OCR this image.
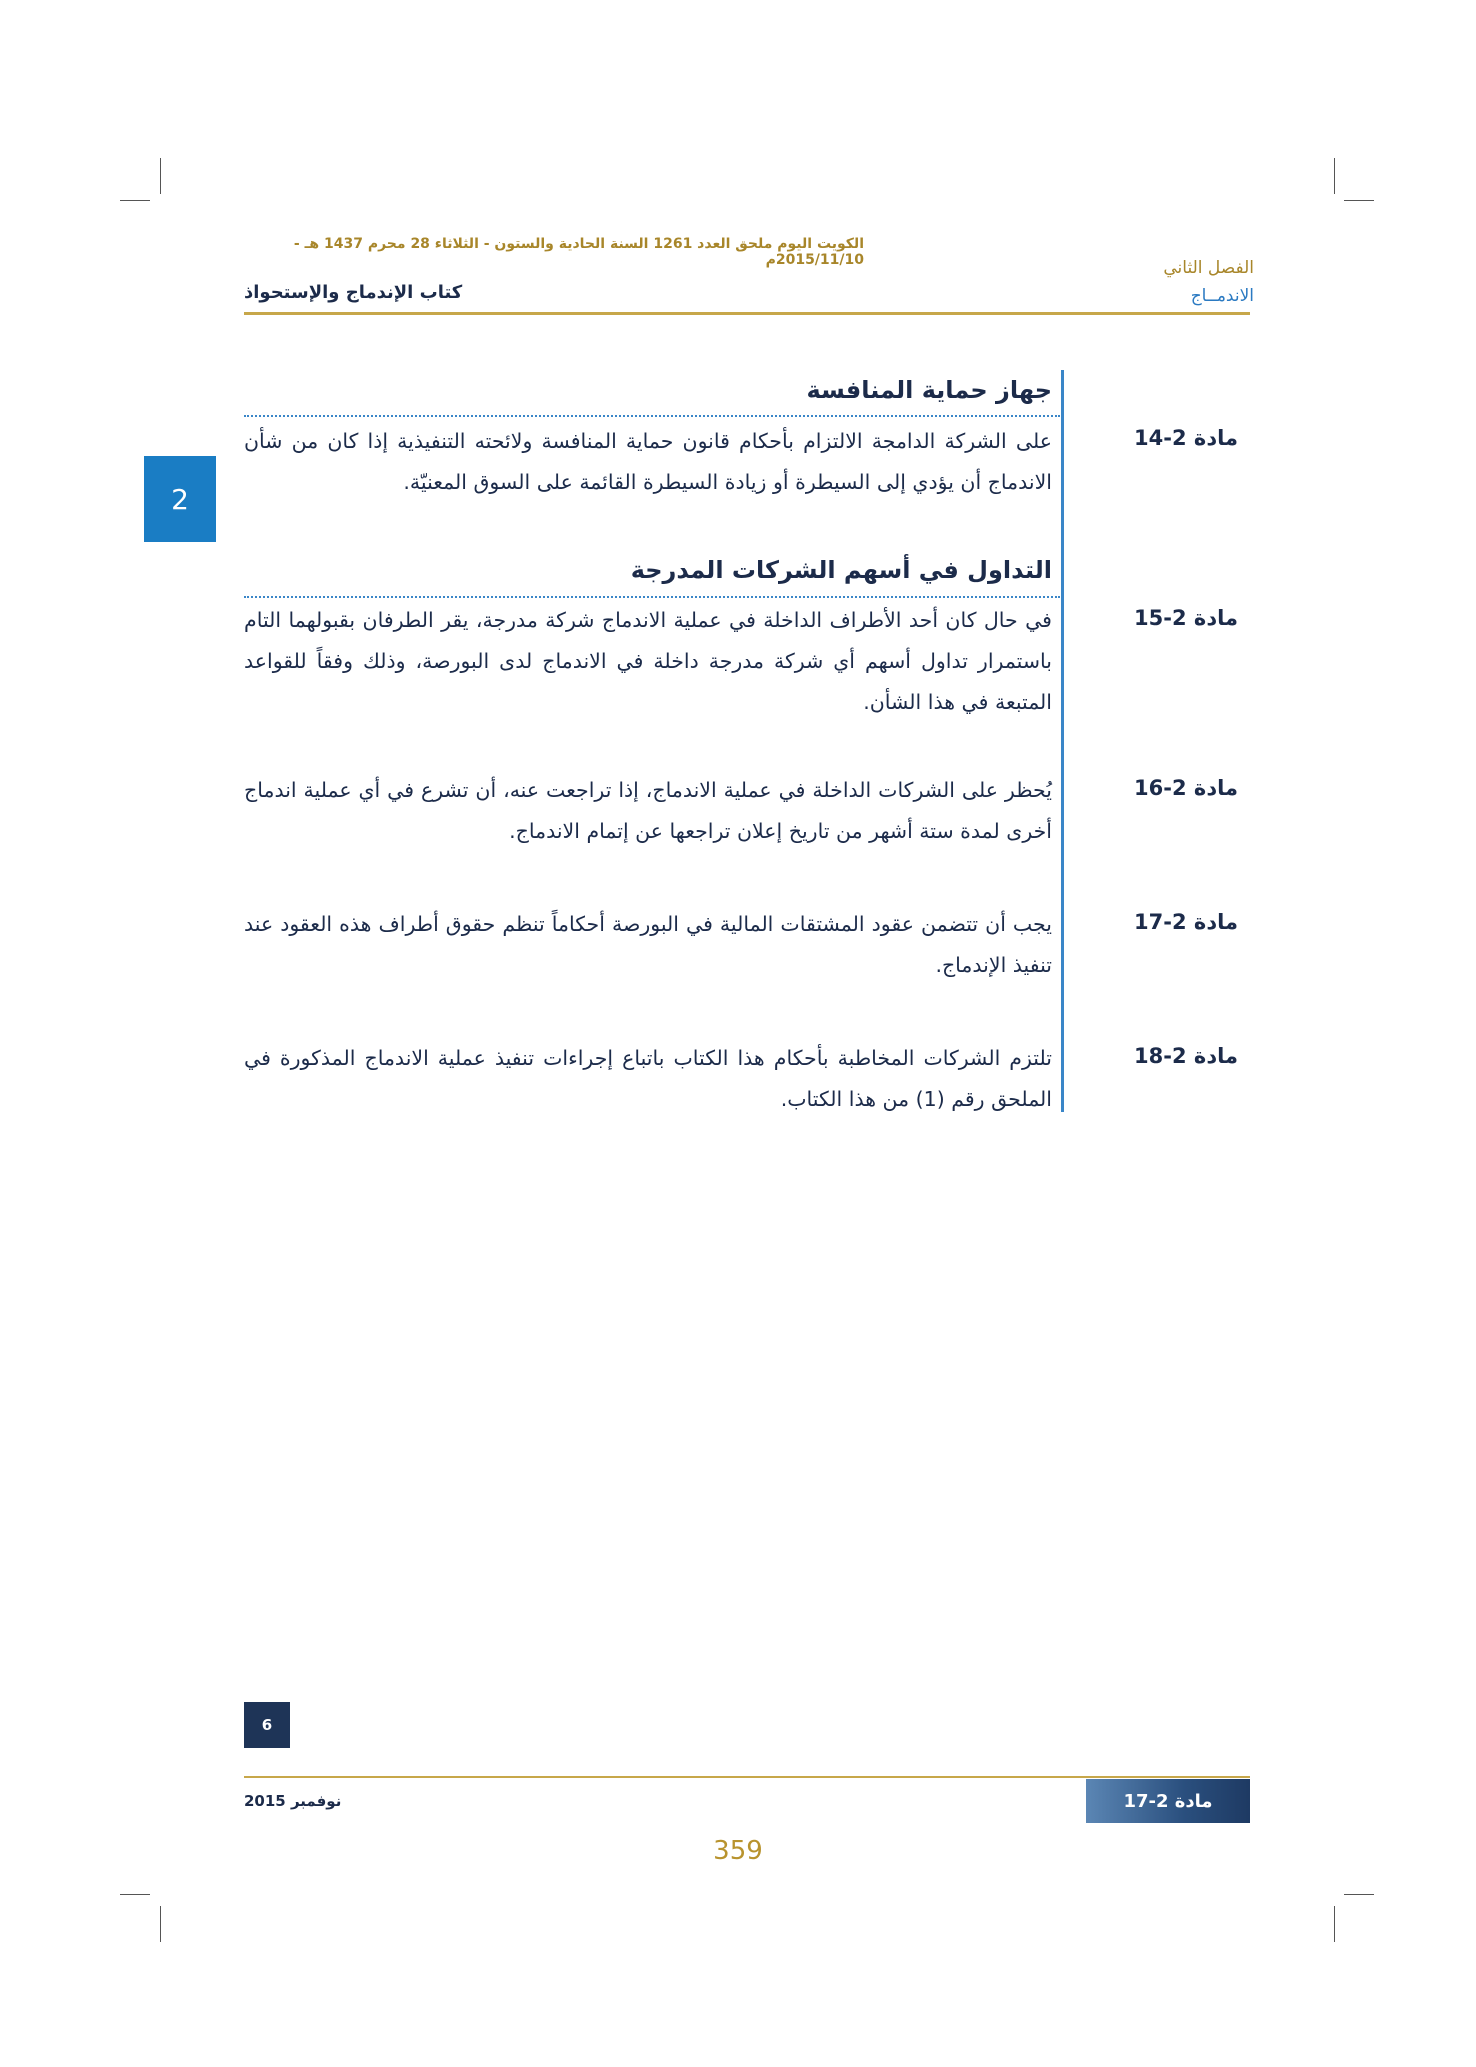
الكويت اليوم ملحق العدد 1261 السنة الحادية والستون - الثلاثاء 28 محرم 1437 هـ - 2015/11/10م	الفصل الثاني
الاندمــاج
كتاب الإندماج والإستحواذ
2
جهاز حماية المنافسة
مادة 2-14
على الشركة الدامجة الالتزام بأحكام قانون حماية المنافسة ولائحته التنفيذية إذا كان من شأن الاندماج أن يؤدي إلى السيطرة أو زيادة السيطرة القائمة على السوق المعنيّة.
التداول في أسهم الشركات المدرجة
مادة 2-15
في حال كان أحد الأطراف الداخلة في عملية الاندماج شركة مدرجة، يقر الطرفان بقبولهما التام باستمرار تداول أسهم أي شركة مدرجة داخلة في الاندماج لدى البورصة، وذلك وفقاً للقواعد المتبعة في هذا الشأن.
مادة 2-16
يُحظر على الشركات الداخلة في عملية الاندماج، إذا تراجعت عنه، أن تشرع في أي عملية اندماج أخرى لمدة ستة أشهر من تاريخ إعلان تراجعها عن إتمام الاندماج.
مادة 2-17
يجب أن تتضمن عقود المشتقات المالية في البورصة أحكاماً تنظم حقوق أطراف هذه العقود عند تنفيذ الإندماج.
مادة 2-18
تلتزم الشركات المخاطبة بأحكام هذا الكتاب باتباع إجراءات تنفيذ عملية الاندماج المذكورة في الملحق رقم (1) من هذا الكتاب.
6
نوفمبر 2015	مادة 2-17
359
